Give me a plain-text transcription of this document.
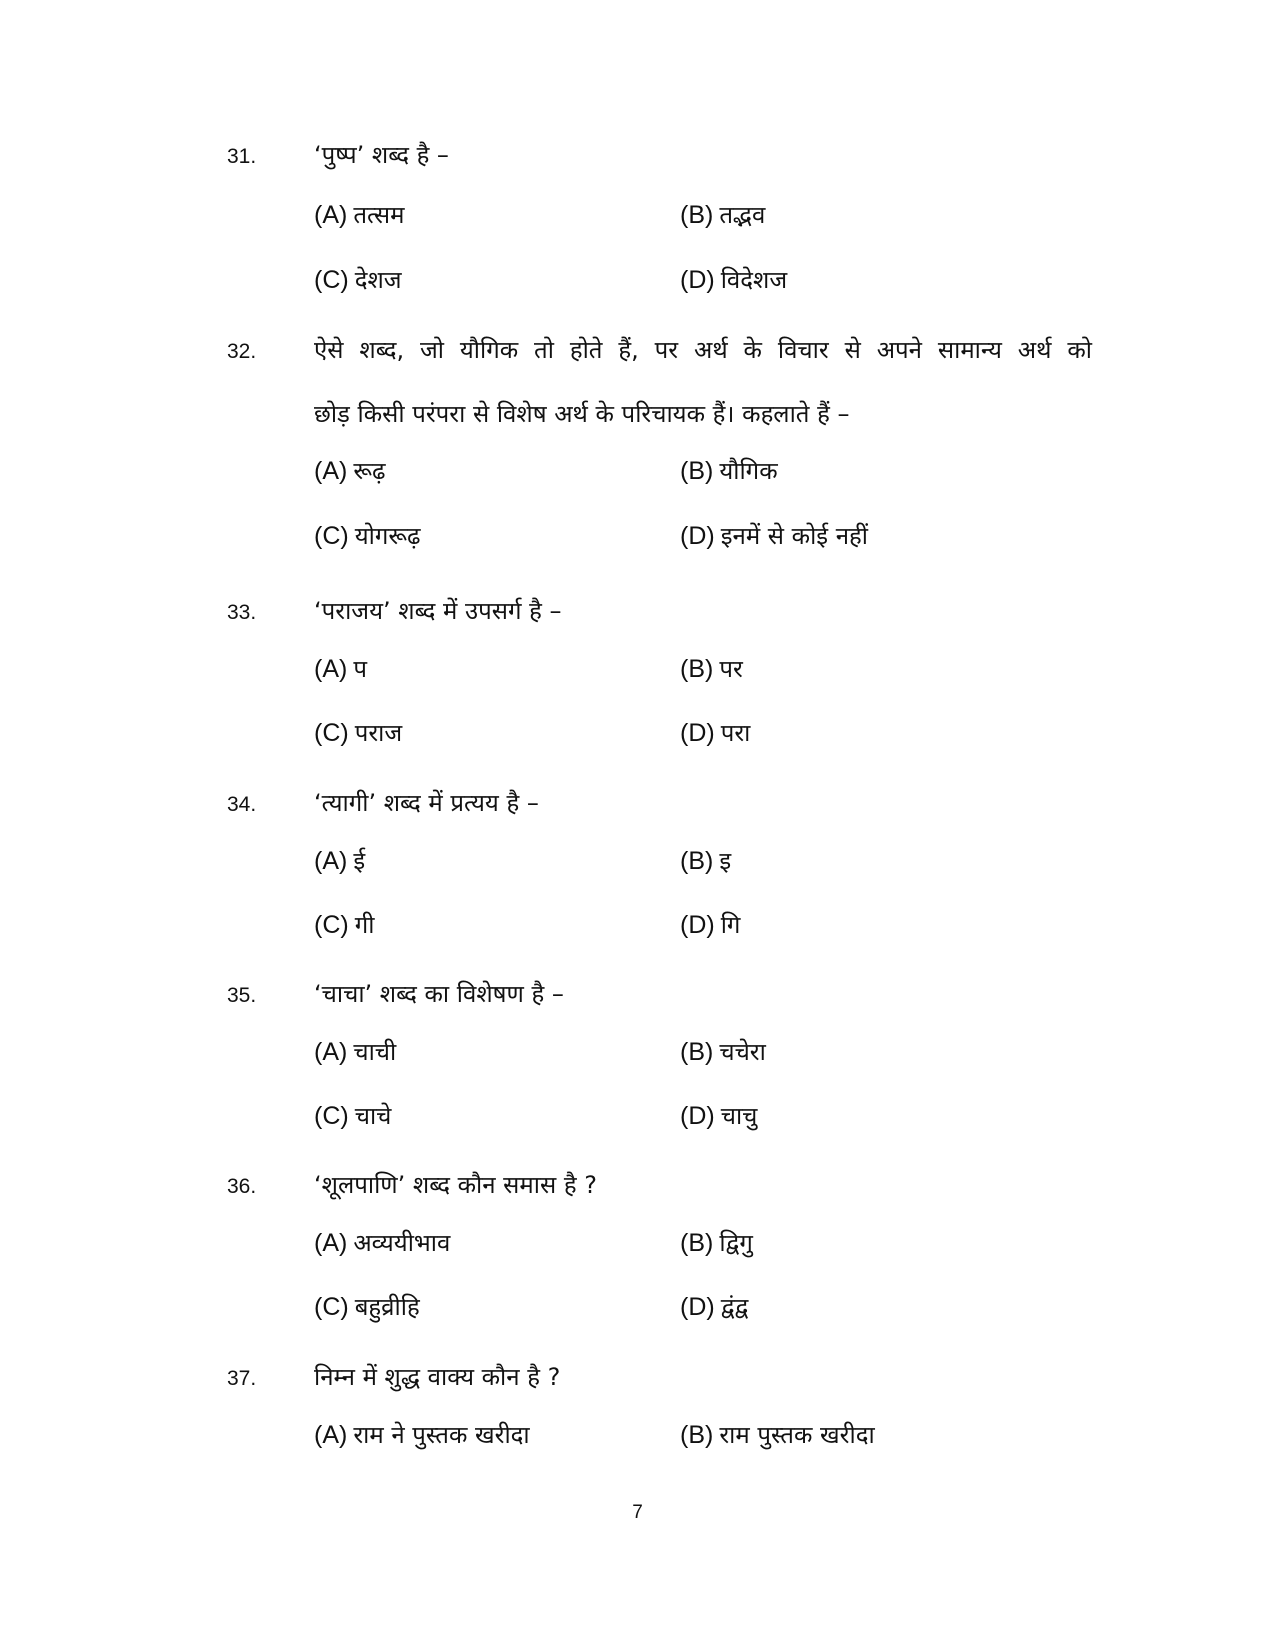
31. ‘पुष्प’ शब्द है –
(A) तत्सम	(B) तद्भव
(C) देशज	(D) विदेशज
32. ऐसे शब्द, जो यौगिक तो होते हैं, पर अर्थ के विचार से अपने सामान्य अर्थ को
छोड़ किसी परंपरा से विशेष अर्थ के परिचायक हैं। कहलाते हैं –
(A) रूढ़	(B) यौगिक
(C) योगरूढ़	(D) इनमें से कोई नहीं
33. ‘पराजय’ शब्द में उपसर्ग है –
(A) प	(B) पर
(C) पराज	(D) परा
34. ‘त्यागी’ शब्द में प्रत्यय है –
(A) ई	(B) इ
(C) गी	(D) गि
35. ‘चाचा’ शब्द का विशेषण है –
(A) चाची	(B) चचेरा
(C) चाचे	(D) चाचु
36. ‘शूलपाणि’ शब्द कौन समास है ?
(A) अव्ययीभाव	(B) द्विगु
(C) बहुव्रीहि	(D) द्वंद्व
37. निम्न में शुद्ध वाक्य कौन है ?
(A) राम ने पुस्तक खरीदा	(B) राम पुस्तक खरीदा
7
